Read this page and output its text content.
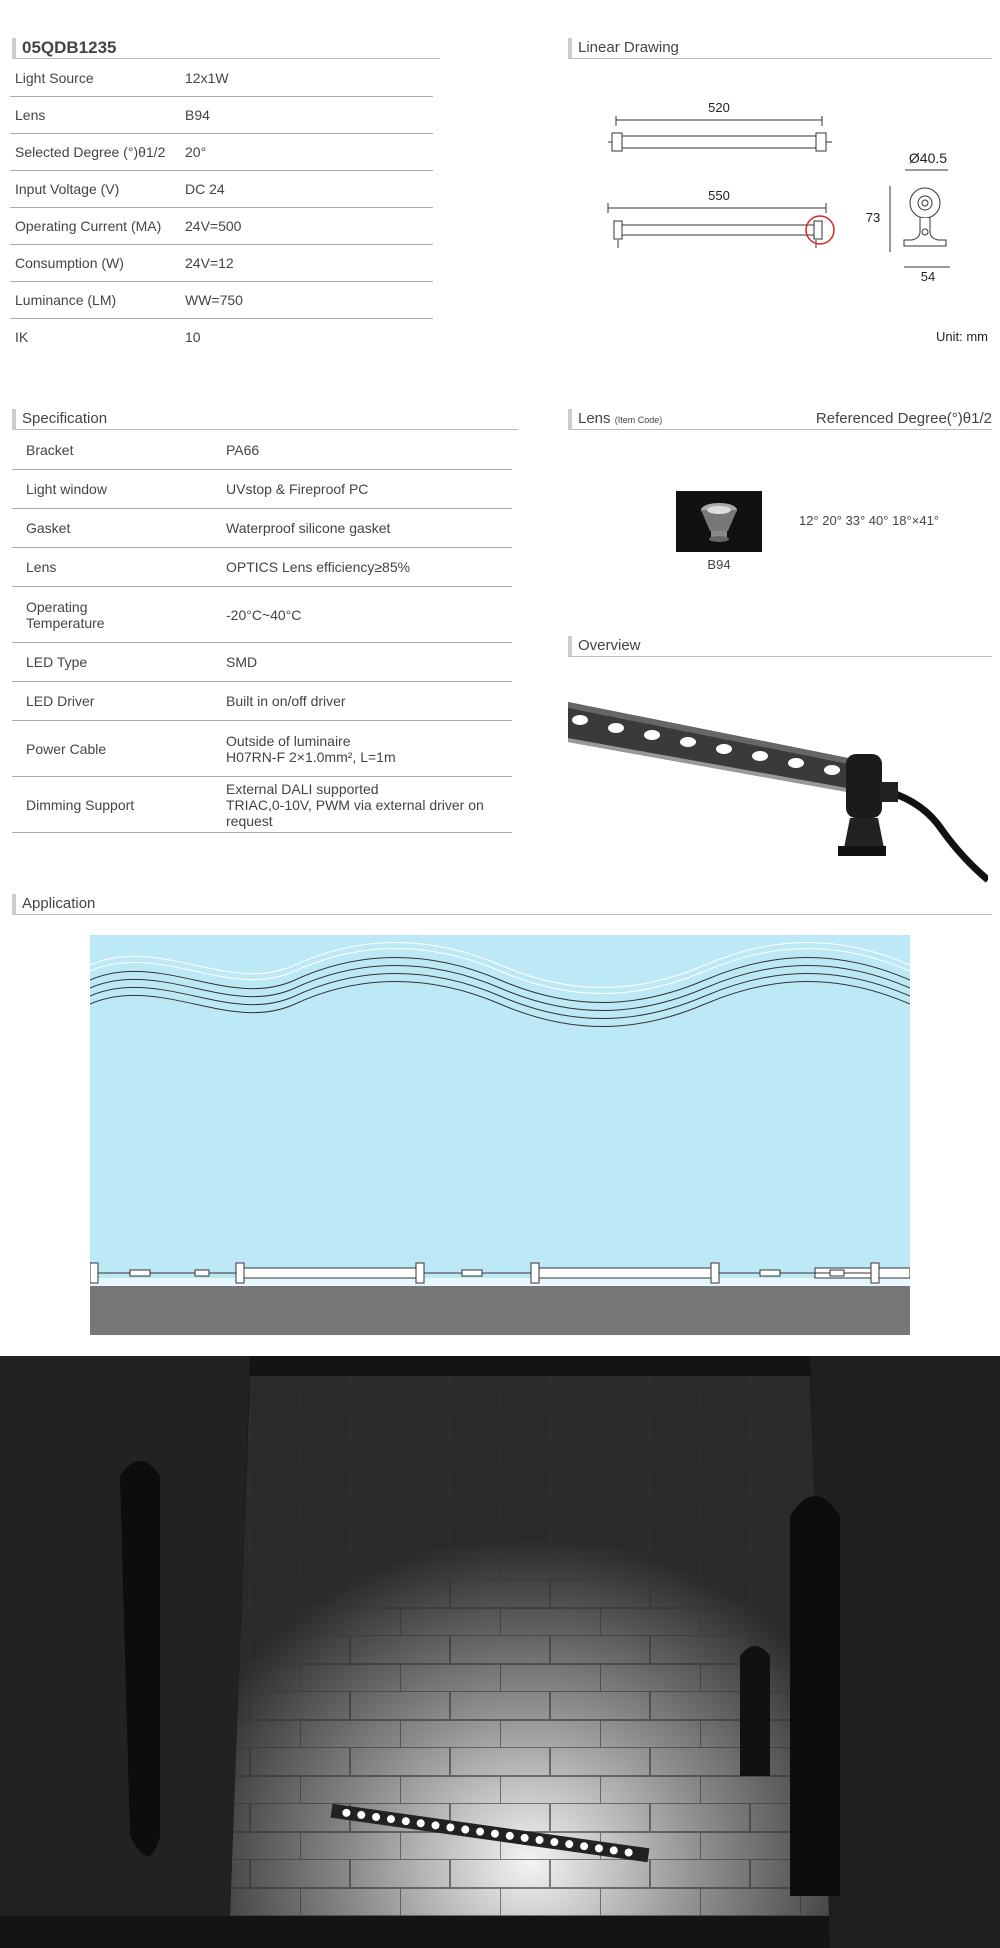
05QDB1235
Light Source	12x1W
Lens	B94
Selected Degree (°)θ1/2	20°
Input Voltage (V)	DC 24
Operating Current (MA)	24V=500
Consumption (W)	24V=12
Luminance (LM)	WW=750
IK	10
Linear Drawing
520
550
Ø40.5
73
54
Unit: mm
Specification
Bracket	PA66

Light window	UVstop & Fireproof PC

Gasket	Waterproof silicone gasket

Lens	OPTICS Lens efficiency≥85%

Operating Temperature	-20°C~40°C

LED Type	SMD

LED Driver	Built in on/off driver

Power Cable	Outside of luminaire
H07RN-F 2×1.0mm², L=1m

Dimming Support	External DALI supported
TRIAC,0-10V, PWM via external driver on request
Lens (Item Code)	Referenced Degree(°)θ1/2
B94
12° 20° 33° 40° 18°×41°
Overview
Application
